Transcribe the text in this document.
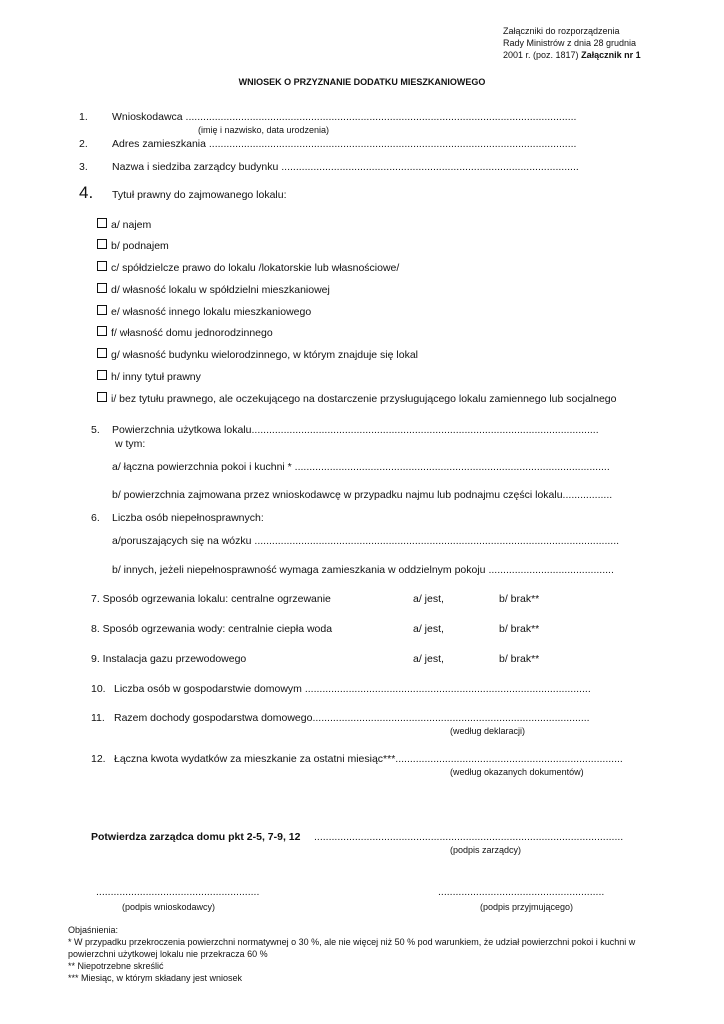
Załączniki do rozporządzenia
Rady Ministrów z dnia 28 grudnia
2001 r. (poz. 1817) Załącznik nr 1
WNIOSEK O PRZYZNANIE DODATKU MIESZKANIOWEGO
1. Wnioskodawca ......................................................................................................................................
(imię i nazwisko, data urodzenia)
2. Adres zamieszkania ..............................................................................................................................
3. Nazwa i siedziba zarządcy budynku ......................................................................................................
4. Tytuł prawny do zajmowanego lokalu:
a/ najem
b/ podnajem
c/ spółdzielcze prawo do lokalu /lokatorskie lub własnościowe/
d/ własność lokalu w spółdzielni mieszkaniowej
e/ własność innego lokalu mieszkaniowego
f/ własność domu jednorodzinnego
g/ własność budynku wielorodzinnego, w którym znajduje się lokal
h/ inny tytuł prawny
i/ bez tytułu prawnego, ale oczekującego na dostarczenie przysługującego lokalu zamiennego lub socjalnego
5. Powierzchnia użytkowa lokalu.......................................................................................................................
w tym:
a/ łączna powierzchnia pokoi i kuchni * ............................................................................................................
b/ powierzchnia zajmowana przez wnioskodawcę w przypadku najmu lub podnajmu części lokalu.................
6. Liczba osób niepełnosprawnych:
a/poruszających się na wózku .............................................................................................................................
b/ innych, jeżeli niepełnosprawność wymaga zamieszkania w oddzielnym pokoju ...........................................
7. Sposób ogrzewania lokalu: centralne ogrzewanie	a/ jest,	b/ brak**
8. Sposób ogrzewania wody: centralnie ciepła woda	a/ jest,	b/ brak**
9. Instalacja gazu przewodowego	a/ jest,	b/ brak**
10. Liczba osób w gospodarstwie domowym ..................................................................................................
11. Razem dochody gospodarstwa domowego...............................................................................................
(według deklaracji)
12. Łączna kwota wydatków za mieszkanie za ostatni miesiąc***..............................................................................
(według okazanych dokumentów)
Potwierdza zarządca domu pkt 2-5, 7-9, 12 ..........................................................................................................
(podpis zarządcy)
........................................................
(podpis wnioskodawcy)
.........................................................
(podpis przyjmującego)
Objaśnienia:
* W przypadku przekroczenia powierzchni normatywnej o 30 %, ale nie więcej niż 50 % pod warunkiem, że udział powierzchni pokoi i kuchni w
powierzchni użytkowej lokalu nie przekracza 60 %
** Niepotrzebne skreślić
*** Miesiąc, w którym składany jest wniosek
